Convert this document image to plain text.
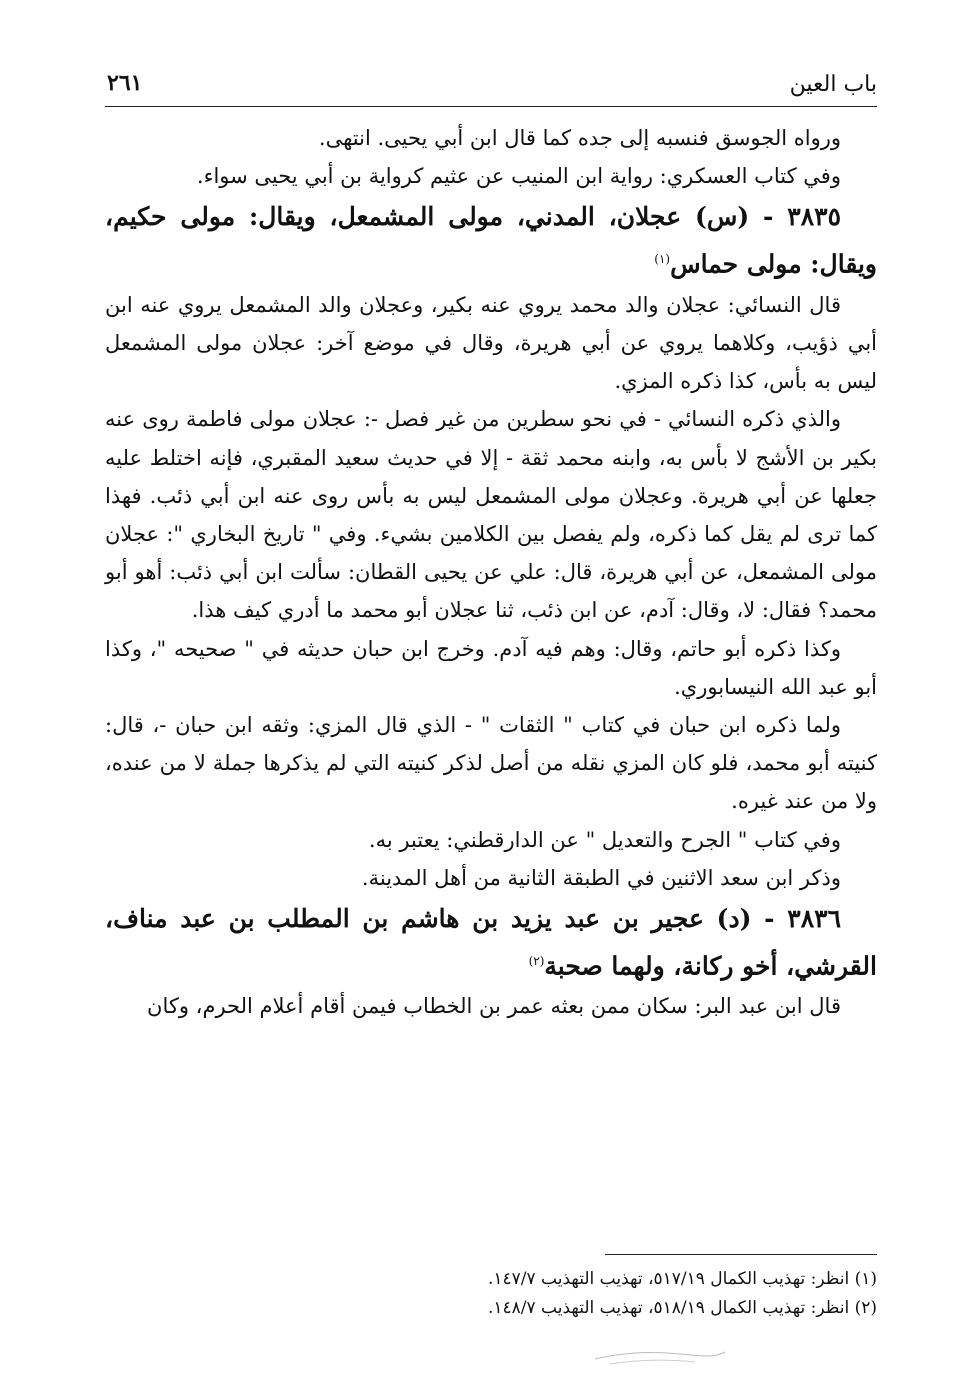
باب العين
٢٦١

ورواه الجوسق فنسبه إلى جده كما قال ابن أبي يحيى. انتهى.

وفي كتاب العسكري: رواية ابن المنيب عن عثيم كرواية بن أبي يحيى سواء.

٣٨٣٥ - (س) عجلان، المدني، مولى المشمعل، ويقال: مولى حكيم، ويقال: مولى حماس$^{(١)}$

قال النسائي: عجلان والد محمد يروي عنه بكير، وعجلان والد المشمعل يروي عنه ابن أبي ذؤيب، وكلاهما يروي عن أبي هريرة، وقال في موضع آخر: عجلان مولى المشمعل ليس به بأس، كذا ذكره المزي.

والذي ذكره النسائي - في نحو سطرين من غير فصل -: عجلان مولى فاطمة روى عنه بكير بن الأشج لا بأس به، وابنه محمد ثقة - إلا في حديث سعيد المقبري، فإنه اختلط عليه جعلها عن أبي هريرة. وعجلان مولى المشمعل ليس به بأس روى عنه ابن أبي ذئب. فهذا كما ترى لم يقل كما ذكره، ولم يفصل بين الكلامين بشيء. وفي " تاريخ البخاري ": عجلان مولى المشمعل، عن أبي هريرة، قال: علي عن يحيى القطان: سألت ابن أبي ذئب: أهو أبو محمد؟ فقال: لا، وقال: آدم، عن ابن ذئب، ثنا عجلان أبو محمد ما أدري كيف هذا.

وكذا ذكره أبو حاتم، وقال: وهم فيه آدم. وخرج ابن حبان حديثه في " صحيحه "، وكذا أبو عبد الله النيسابوري.

ولما ذكره ابن حبان في كتاب " الثقات " - الذي قال المزي: وثقه ابن حبان -، قال: كنيته أبو محمد، فلو كان المزي نقله من أصل لذكر كنيته التي لم يذكرها جملة لا من عنده، ولا من عند غيره.

وفي كتاب " الجرح والتعديل " عن الدارقطني: يعتبر به.

وذكر ابن سعد الاثنين في الطبقة الثانية من أهل المدينة.

٣٨٣٦ - (د) عجير بن عبد يزيد بن هاشم بن المطلب بن عبد مناف، القرشي، أخو ركانة، ولهما صحبة$^{(٢)}$

قال ابن عبد البر: سكان ممن بعثه عمر بن الخطاب فيمن أقام أعلام الحرم، وكان

(١) انظر: تهذيب الكمال ٥١٧/١٩، تهذيب التهذيب ١٤٧/٧.

(٢) انظر: تهذيب الكمال ٥١٨/١٩، تهذيب التهذيب ١٤٨/٧.
